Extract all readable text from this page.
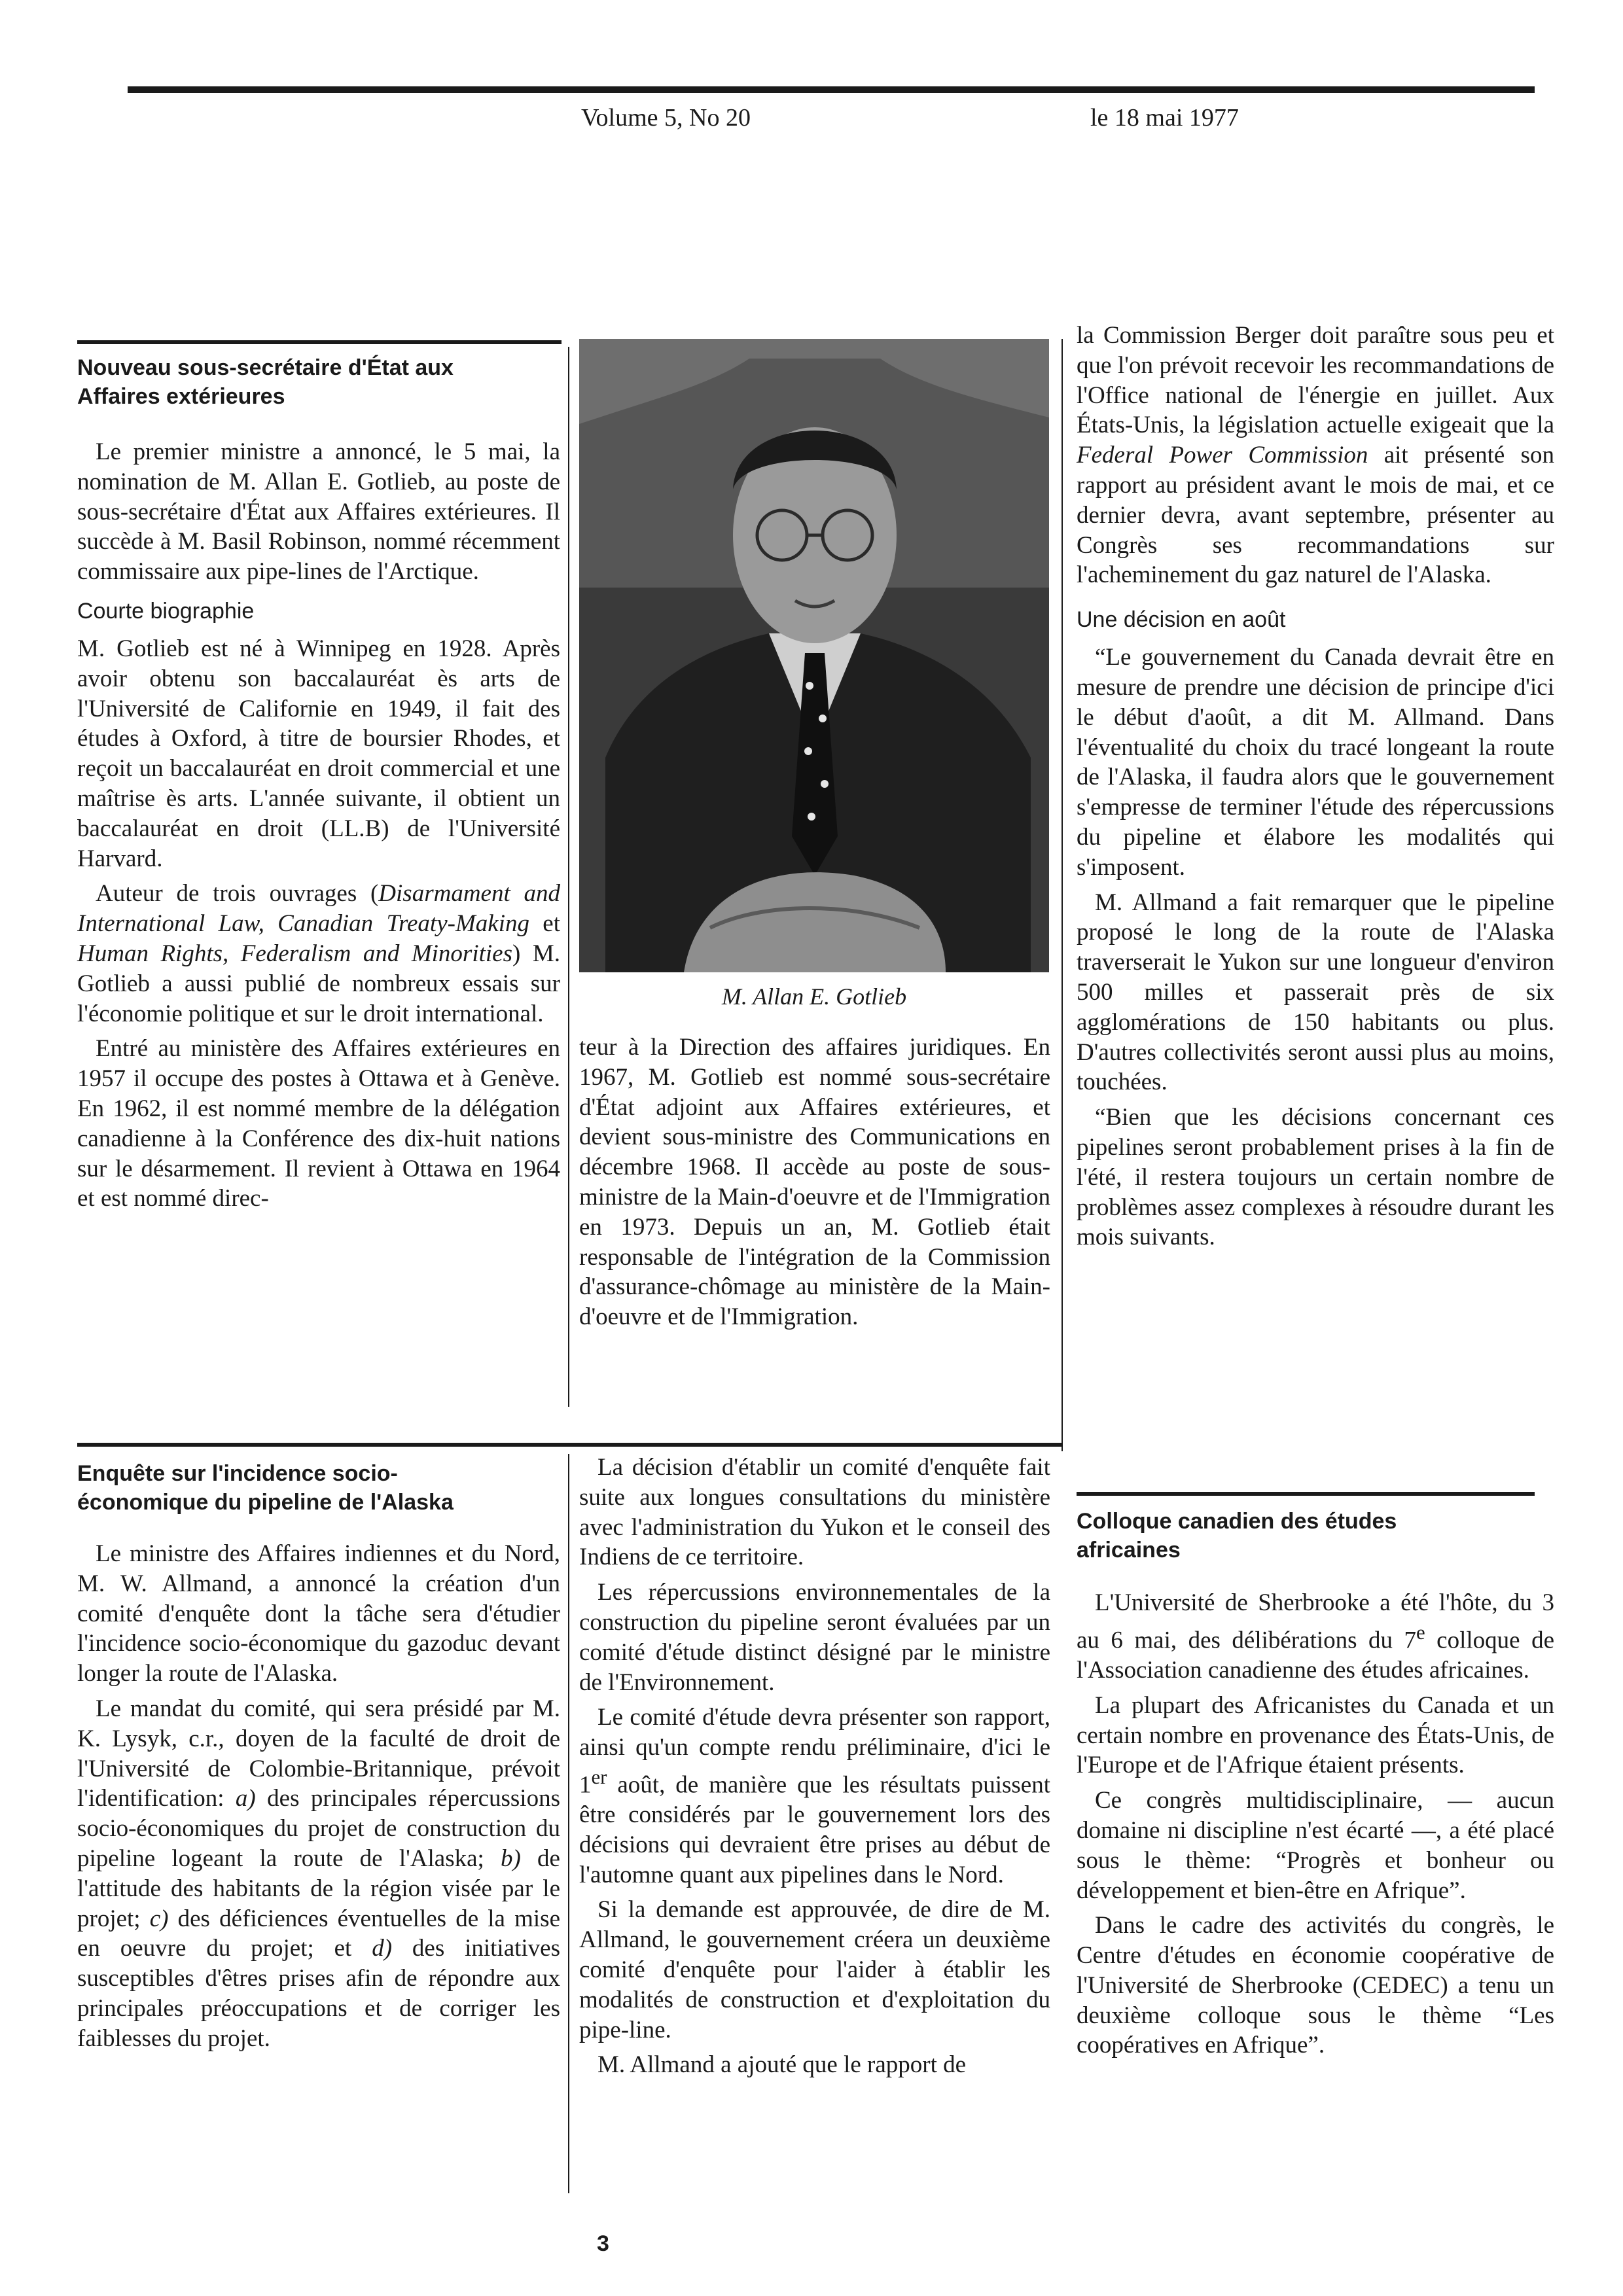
Volume 5, No 20	le 18 mai 1977
Nouveau sous-secrétaire d'État aux
Affaires extérieures

Le premier ministre a annoncé, le 5 mai, la nomination de M. Allan E. Gotlieb, au poste de sous-secrétaire d'État aux Affaires extérieures. Il succède à M. Basil Robinson, nommé récemment commissaire aux pipe-lines de l'Arctique.

Courte biographie

M. Gotlieb est né à Winnipeg en 1928. Après avoir obtenu son baccalauréat ès arts de l'Université de Californie en 1949, il fait des études à Oxford, à titre de boursier Rhodes, et reçoit un baccalauréat en droit commercial et une maîtrise ès arts. L'année suivante, il obtient un baccalauréat en droit (LL.B) de l'Université Harvard.

Auteur de trois ouvrages (Disarmament and International Law, Canadian Treaty-Making et Human Rights, Federalism and Minorities) M. Gotlieb a aussi publié de nombreux essais sur l'économie politique et sur le droit international.

Entré au ministère des Affaires extérieures en 1957 il occupe des postes à Ottawa et à Genève. En 1962, il est nommé membre de la délégation canadienne à la Conférence des dix-huit nations sur le désarmement. Il revient à Ottawa en 1964 et est nommé direc-

M. Allan E. Gotlieb

teur à la Direction des affaires juridiques. En 1967, M. Gotlieb est nommé sous-secrétaire d'État adjoint aux Affaires extérieures, et devient sous-ministre des Communications en décembre 1968. Il accède au poste de sous-ministre de la Main-d'oeuvre et de l'Immigration en 1973. Depuis un an, M. Gotlieb était responsable de l'intégration de la Commission d'assurance-chômage au ministère de la Main-d'oeuvre et de l'Immigration.

la Commission Berger doit paraître sous peu et que l'on prévoit recevoir les recommandations de l'Office national de l'énergie en juillet. Aux États-Unis, la législation actuelle exigeait que la Federal Power Commission ait présenté son rapport au président avant le mois de mai, et ce dernier devra, avant septembre, présenter au Congrès ses recommandations sur l'acheminement du gaz naturel de l'Alaska.

Une décision en août

“Le gouvernement du Canada devrait être en mesure de prendre une décision de principe d'ici le début d'août, a dit M. Allmand. Dans l'éventualité du choix du tracé longeant la route de l'Alaska, il faudra alors que le gouvernement s'empresse de terminer l'étude des répercussions du pipeline et élabore les modalités qui s'imposent.

M. Allmand a fait remarquer que le pipeline proposé le long de la route de l'Alaska traverserait le Yukon sur une longueur d'environ 500 milles et passerait près de six agglomérations de 150 habitants ou plus. D'autres collectivités seront aussi plus au moins, touchées.

“Bien que les décisions concernant ces pipelines seront probablement prises à la fin de l'été, il restera toujours un certain nombre de problèmes assez complexes à résoudre durant les mois suivants.

Enquête sur l'incidence socio-
économique du pipeline de l'Alaska

Le ministre des Affaires indiennes et du Nord, M. W. Allmand, a annoncé la création d'un comité d'enquête dont la tâche sera d'étudier l'incidence socio-économique du gazoduc devant longer la route de l'Alaska.

Le mandat du comité, qui sera présidé par M. K. Lysyk, c.r., doyen de la faculté de droit de l'Université de Colombie-Britannique, prévoit l'identification: a) des principales répercussions socio-économiques du projet de construction du pipeline logeant la route de l'Alaska; b) de l'attitude des habitants de la région visée par le projet; c) des déficiences éventuelles de la mise en oeuvre du projet; et d) des initiatives susceptibles d'êtres prises afin de répondre aux principales préoccupations et de corriger les faiblesses du projet.

La décision d'établir un comité d'enquête fait suite aux longues consultations du ministère avec l'administration du Yukon et le conseil des Indiens de ce territoire.

Les répercussions environnementales de la construction du pipeline seront évaluées par un comité d'étude distinct désigné par le ministre de l'Environnement.

Le comité d'étude devra présenter son rapport, ainsi qu'un compte rendu préliminaire, d'ici le 1er août, de manière que les résultats puissent être considérés par le gouvernement lors des décisions qui devraient être prises au début de l'automne quant aux pipelines dans le Nord.

Si la demande est approuvée, de dire de M. Allmand, le gouvernement créera un deuxième comité d'enquête pour l'aider à établir les modalités de construction et d'exploitation du pipe-line.

M. Allmand a ajouté que le rapport de

Colloque canadien des études
africaines

L'Université de Sherbrooke a été l'hôte, du 3 au 6 mai, des délibérations du 7e colloque de l'Association canadienne des études africaines.

La plupart des Africanistes du Canada et un certain nombre en provenance des États-Unis, de l'Europe et de l'Afrique étaient présents.

Ce congrès multidisciplinaire, — aucun domaine ni discipline n'est écarté —, a été placé sous le thème: “Progrès et bonheur ou développement et bien-être en Afrique”.

Dans le cadre des activités du congrès, le Centre d'études en économie coopérative de l'Université de Sherbrooke (CEDEC) a tenu un deuxième colloque sous le thème “Les coopératives en Afrique”.

3
